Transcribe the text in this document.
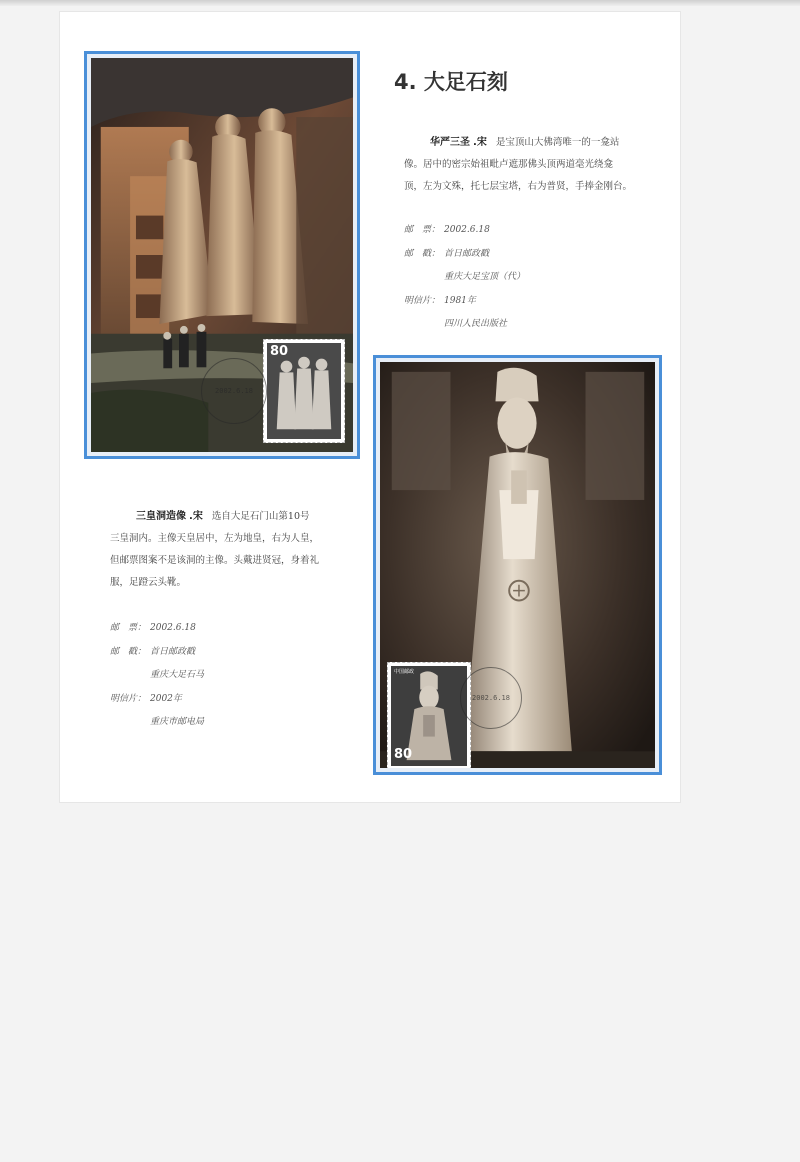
80
2002.6.18
4. 大足石刻
华严三圣 .宋 是宝顶山大佛湾唯一的一龛站
像。居中的密宗始祖毗卢遮那佛头顶两道毫光绕龛
顶，左为文殊，托七层宝塔，右为普贤，手捧金刚台。
邮　票： 2002.6.18
邮　戳： 首日邮政戳
重庆大足宝顶（代）
明信片： 1981年
四川人民出版社
中国邮政
80
2002.6.18
三皇洞造像 .宋 选自大足石门山第10号
三皇洞内。主像天皇居中，左为地皇，右为人皇，
但邮票图案不是该洞的主像。头戴进贤冠，身着礼
服，足蹬云头靴。
邮　票： 2002.6.18
邮　戳： 首日邮政戳
重庆大足石马
明信片： 2002年
重庆市邮电局
